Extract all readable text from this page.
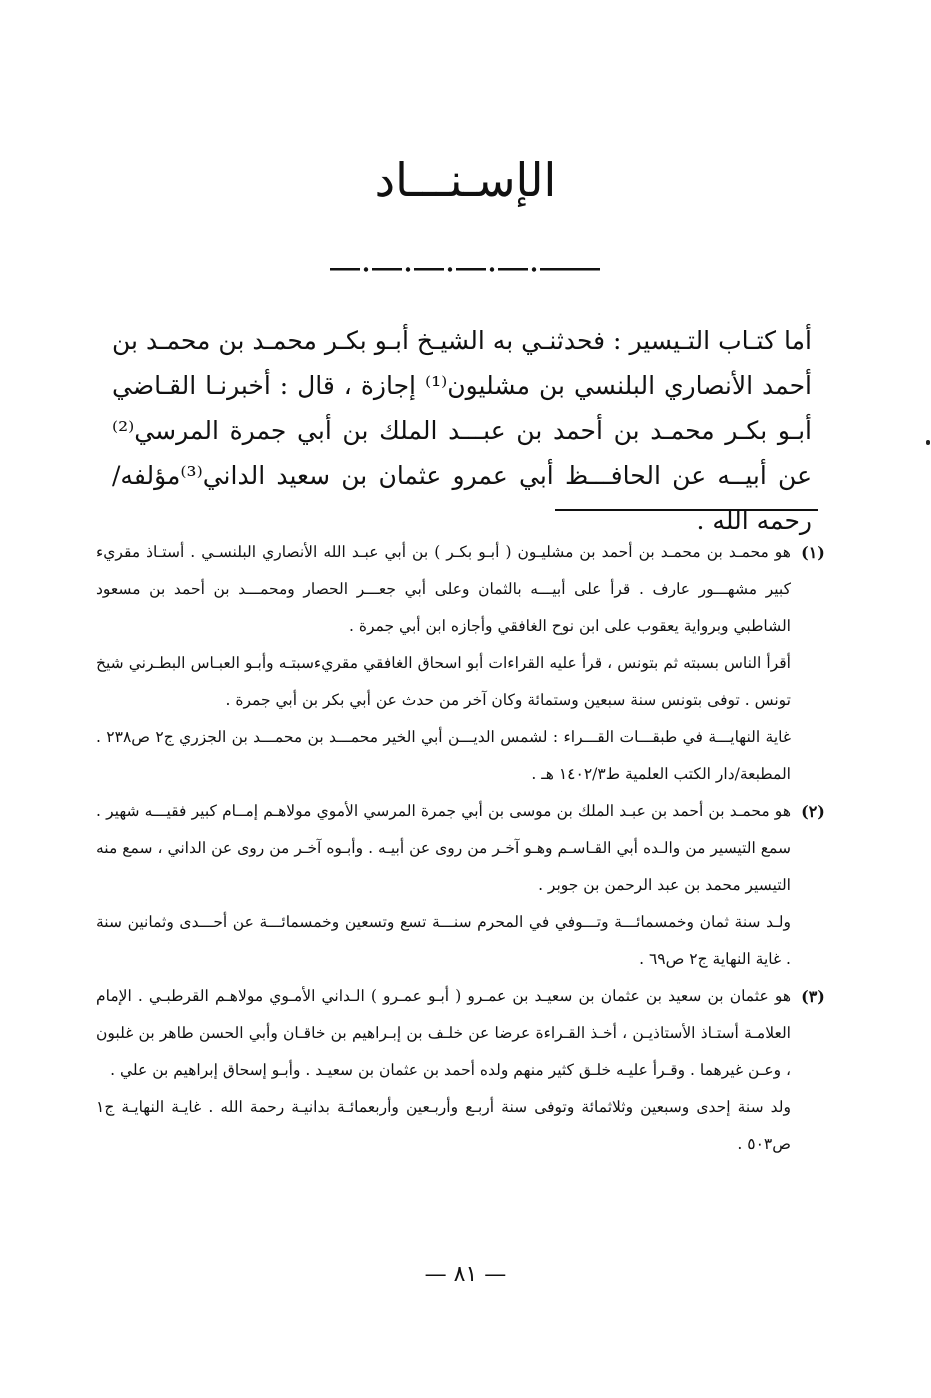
الإسـنـــاد

أما كتـاب التـيسير : فحدثنـي به الشيـخ أبـو بكـر محمـد بن محمـد بن أحمد الأنصاري البلنسي بن مشليون⁽¹⁾ إجازة ، قال : أخبرنـا القـاضي أبـو بكـر محمـد بن أحمد بن عبـــد الملك بن أبي جمرة المرسي⁽²⁾ عن أبيــه عن الحافـــظ أبي عمرو عثمان بن سعيد الداني⁽³⁾مؤلفه/رحمه الله .

(١)

هو محمـد بن محمـد بن أحمد بن مشليـون ( أبـو بكـر ) بن أبي عبـد الله الأنصاري البلنسـي . أستـاذ مقريء كبير مشهـــور عارف . قرأ على أبيـــه بالثمان وعلى أبي جعـــر الحصار ومحمـــد بن أحمد بن مسعود الشاطبي وبرواية يعقوب على ابن نوح الغافقي وأجازه ابن أبي جمرة .

أقرأ الناس بسبته ثم بتونس ، قرأ عليه القراءات أبو اسحاق الغافقي مقريءسبتـه وأبـو العبـاس البطـرني شيخ تونس . توفى بتونس سنة سبعين وستمائة وكان آخر من حدث عن أبي بكر بن أبي جمرة .

غاية النهايـــة في طبقـــات القـــراء : لشمس الديـــن أبي الخير محمـــد بن محمـــد بن الجزري ج٢ ص٢٣٨ . المطبعة/دار الكتب العلمية ط١٤٠٢/٣ هـ .

(٢)

هو محمـد بن أحمد بن عبـد الملك بن موسى بن أبي جمرة المرسي الأموي مولاهـم إمــام كبير فقيـــه شهير . سمع التيسير من والـده أبي القـاسـم وهـو آخـر من روى عن أبيـه . وأبـوه آخـر من روى عن الداني ، سمع منه التيسير محمد بن عبد الرحمن بن جوبر .

ولـد سنة ثمان وخمسمائـــة وتـــوفي في المحرم سنـــة تسع وتسعين وخمسمائـــة عن أحـــدى وثمانين سنة . غاية النهاية ج٢ ص٦٩ .

(٣)

هو عثمان بن سعيد بن عثمان بن سعيـد بن عمـرو ( أبـو عمـرو ) الـداني الأمـوي مولاهـم القرطبـي . الإمام العلامـة أستـاذ الأستاذيـن ، أخـذ القـراءة عرضا عن خلـف بن إبـراهيم بن خاقـان وأبي الحسن طاهر بن غلبون ، وعـن غيرهما . وقـرأ عليـه خلـق كثير منهم ولده أحمد بن عثمان بن سعيـد . وأبـو إسحاق إبراهيم بن علي .

ولد سنة إحدى وسبعين وثلاثمائة وتوفى سنة أربـع وأربـعين وأربعمائـة بدانيـة رحمة الله . غايـة النهايـة ج١ ص٥٠٣ .

— ٨١ —
